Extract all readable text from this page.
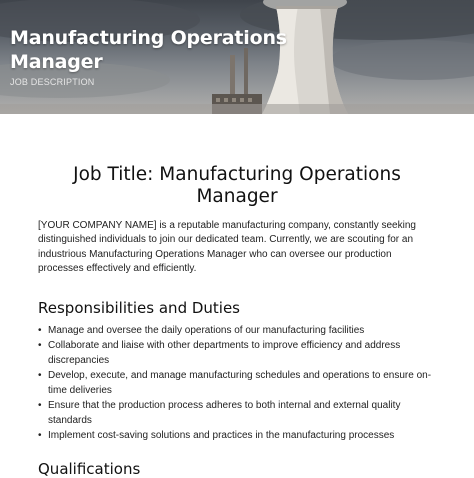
Manufacturing Operations Manager
JOB DESCRIPTION
Job Title: Manufacturing Operations Manager
[YOUR COMPANY NAME] is a reputable manufacturing company, constantly seeking distinguished individuals to join our dedicated team. Currently, we are scouting for an industrious Manufacturing Operations Manager who can oversee our production processes effectively and efficiently.
Responsibilities and Duties
• Manage and oversee the daily operations of our manufacturing facilities
• Collaborate and liaise with other departments to improve efficiency and address discrepancies
• Develop, execute, and manage manufacturing schedules and operations to ensure on-time deliveries
• Ensure that the production process adheres to both internal and external quality standards
• Implement cost-saving solutions and practices in the manufacturing processes
Qualifications
